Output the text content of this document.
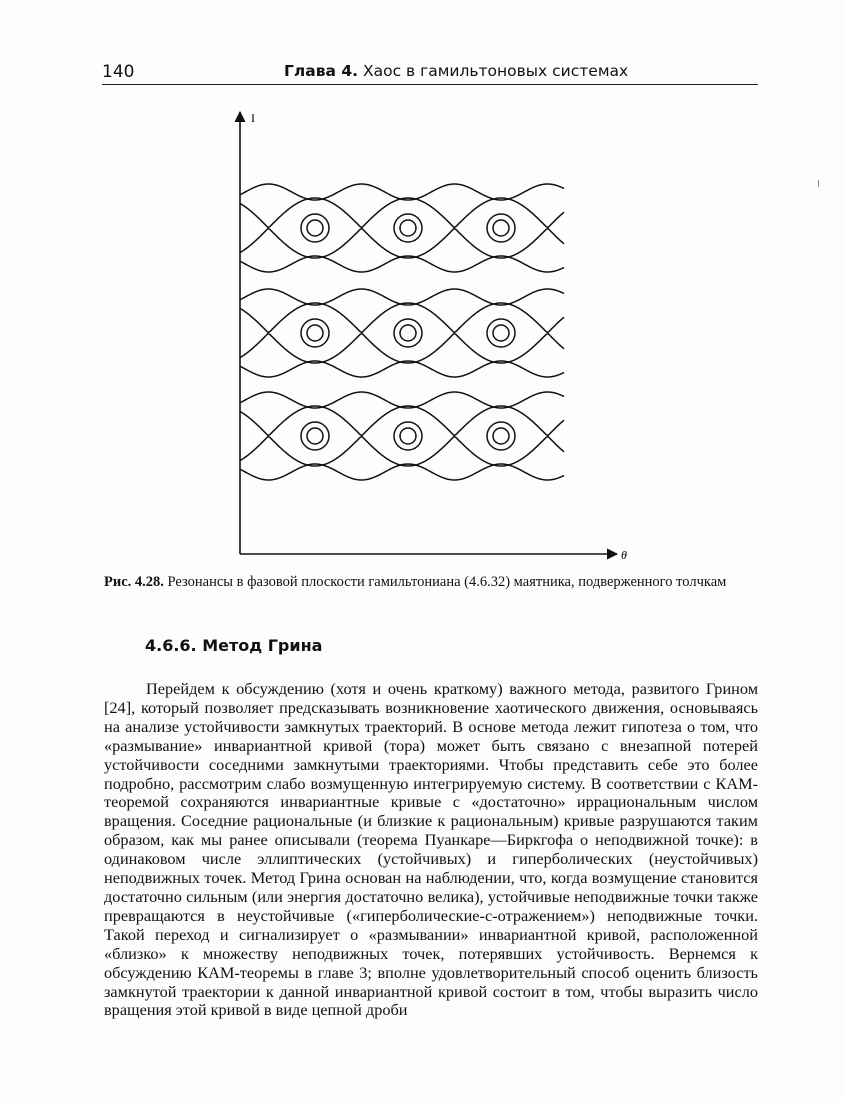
140	Глава 4. Хаос в гамильтоновых системах
I
θ
Рис. 4.28. Резонансы в фазовой плоскости гамильтониана (4.6.32) маятника, подверженного толчкам
4.6.6. Метод Грина

Перейдем к обсуждению (хотя и очень краткому) важного метода, развитого Грином [24], который позволяет предсказывать возникновение хаотического движения, основываясь на анализе устойчивости замкнутых траекторий. В основе метода лежит гипотеза о том, что «размывание» инвариантной кривой (тора) может быть связано с внезапной потерей устойчивости соседними замкнутыми траекториями. Чтобы представить себе это более подробно, рассмотрим слабо возмущенную интегрируемую систему. В соответствии с КАМ-теоремой сохраняются инвариантные кривые с «достаточно» иррациональным числом вращения. Соседние рациональные (и близкие к рациональным) кривые разрушаются таким образом, как мы ранее описывали (теорема Пуанкаре—Биркгофа о неподвижной точке): в одинаковом числе эллиптических (устойчивых) и гиперболических (неустойчивых) неподвижных точек. Метод Грина основан на наблюдении, что, когда возмущение становится достаточно сильным (или энергия достаточно велика), устойчивые неподвижные точки также превращаются в неустойчивые («гиперболические-с-отражением») неподвижные точки. Такой переход и сигнализирует о «размывании» инвариантной кривой, расположенной «близко» к множеству неподвижных точек, потерявших устойчивость. Вернемся к обсуждению КАМ-теоремы в главе 3; вполне удовлетворительный способ оценить близость замкнутой траектории к данной инвариантной кривой состоит в том, чтобы выразить число вращения этой кривой в виде цепной дроби
